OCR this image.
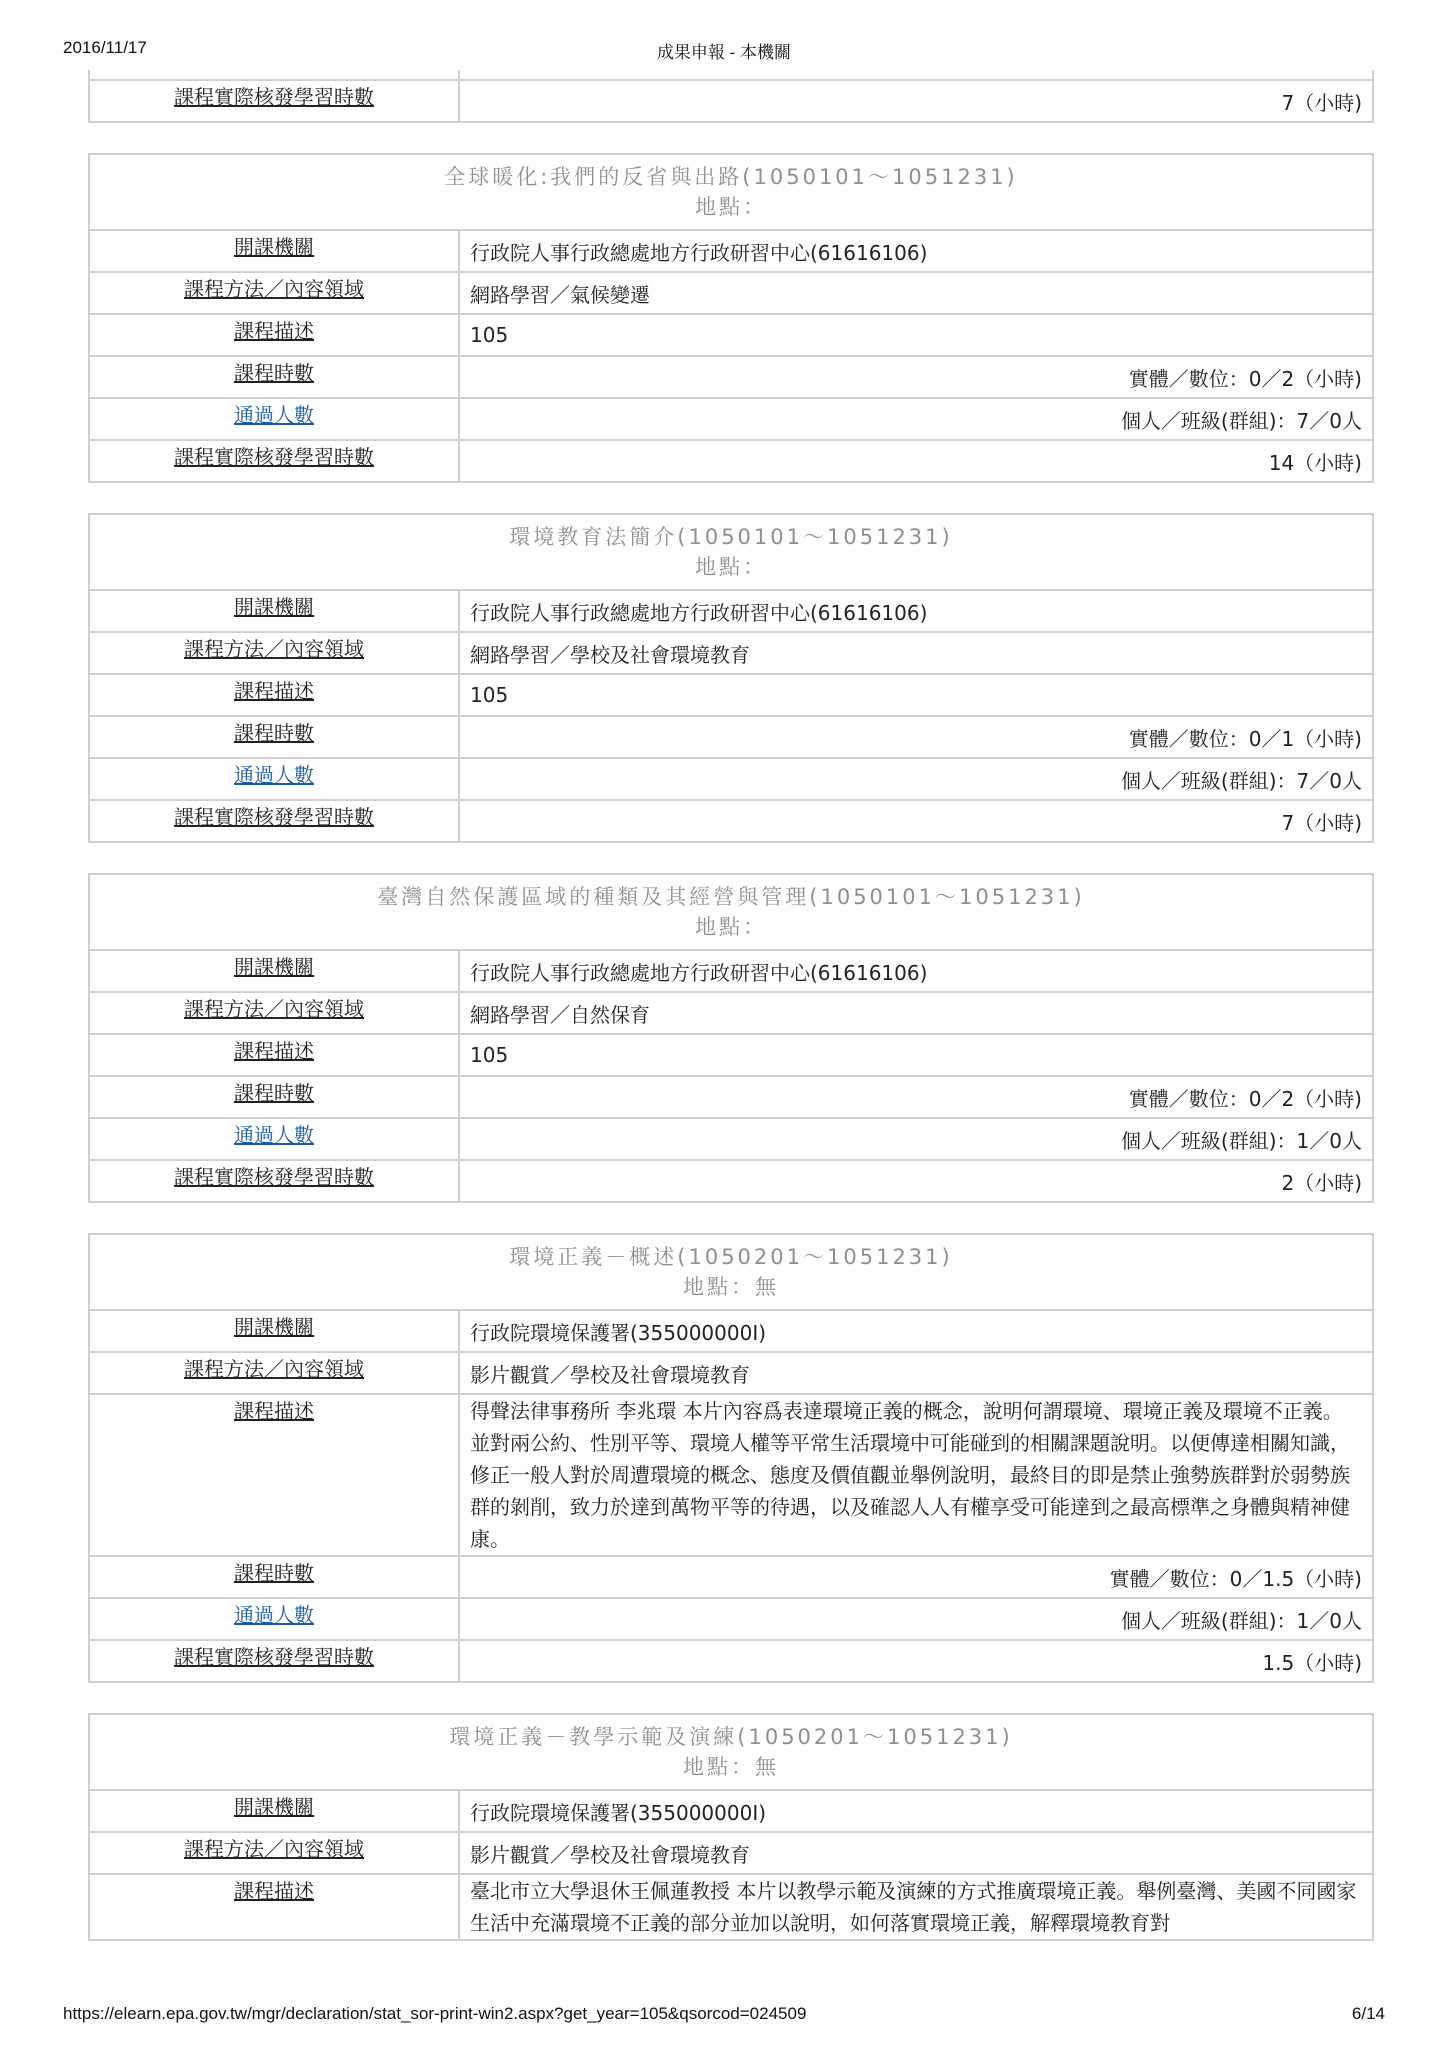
2016/11/17	成果申報 - 本機關

課程實際核發學習時數	7（小時)
全球暖化:我們的反省與出路(1050101～1051231)
地點：	
開課機關	行政院人事行政總處地方行政研習中心(61616106)
課程方法／內容領域	網路學習／氣候變遷
課程描述	105
課程時數	實體／數位：0／2（小時)
通過人數	個人／班級(群組)：7／0人
課程實際核發學習時數	14（小時)
環境教育法簡介(1050101～1051231)
地點：	
開課機關	行政院人事行政總處地方行政研習中心(61616106)
課程方法／內容領域	網路學習／學校及社會環境教育
課程描述	105
課程時數	實體／數位：0／1（小時)
通過人數	個人／班級(群組)：7／0人
課程實際核發學習時數	7（小時)
臺灣自然保護區域的種類及其經營與管理(1050101～1051231)
地點：	
開課機關	行政院人事行政總處地方行政研習中心(61616106)
課程方法／內容領域	網路學習／自然保育
課程描述	105
課程時數	實體／數位：0／2（小時)
通過人數	個人／班級(群組)：1／0人
課程實際核發學習時數	2（小時)
環境正義－概述(1050201～1051231)
地點：無	
開課機關	行政院環境保護署(355000000I)
課程方法／內容領域	影片觀賞／學校及社會環境教育
課程描述	得聲法律事務所 李兆環 本片內容爲表達環境正義的概念，說明何謂環境、環境正義及環境不正義。並對兩公約、性別平等、環境人權等平常生活環境中可能碰到的相關課題說明。以便傳達相關知識，修正一般人對於周遭環境的概念、態度及價值觀並舉例說明，最終目的即是禁止強勢族群對於弱勢族群的剝削，致力於達到萬物平等的待遇，以及確認人人有權享受可能達到之最高標準之身體與精神健康。
課程時數	實體／數位：0／1.5（小時)
通過人數	個人／班級(群組)：1／0人
課程實際核發學習時數	1.5（小時)
環境正義－教學示範及演練(1050201～1051231)
地點：無	
開課機關	行政院環境保護署(355000000I)
課程方法／內容領域	影片觀賞／學校及社會環境教育
課程描述	臺北市立大學退休王佩蓮教授 本片以教學示範及演練的方式推廣環境正義。舉例臺灣、美國不同國家生活中充滿環境不正義的部分並加以說明，如何落實環境正義，解釋環境教育對
https://elearn.epa.gov.tw/mgr/declaration/stat_sor-print-win2.aspx?get_year=105&qsorcod=024509	6/14
